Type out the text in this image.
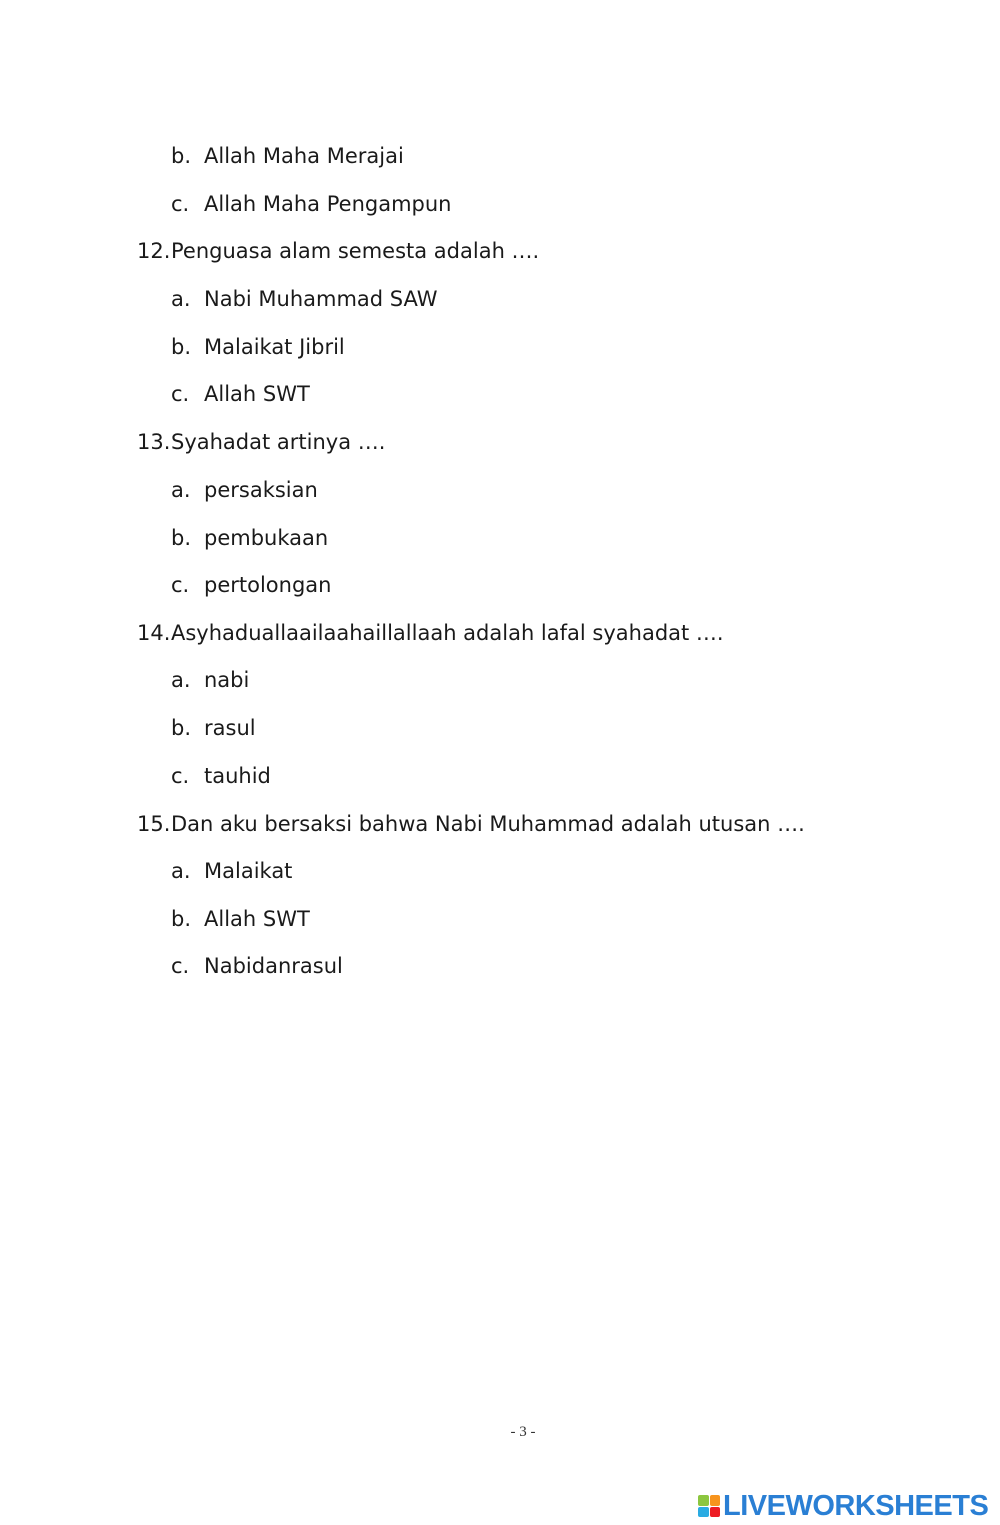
b. Allah Maha Merajai
c. Allah Maha Pengampun
12. Penguasa alam semesta adalah ….
a. Nabi Muhammad SAW
b. Malaikat Jibril
c. Allah SWT
13. Syahadat artinya ….
a. persaksian
b. pembukaan
c. pertolongan
14. Asyhaduallaailaahaillallaah adalah lafal syahadat ….
a. nabi
b. rasul
c. tauhid
15. Dan aku bersaksi bahwa Nabi Muhammad adalah utusan ….
a. Malaikat
b. Allah SWT
c. Nabidanrasul
- 3 -
LIVEWORKSHEETS
